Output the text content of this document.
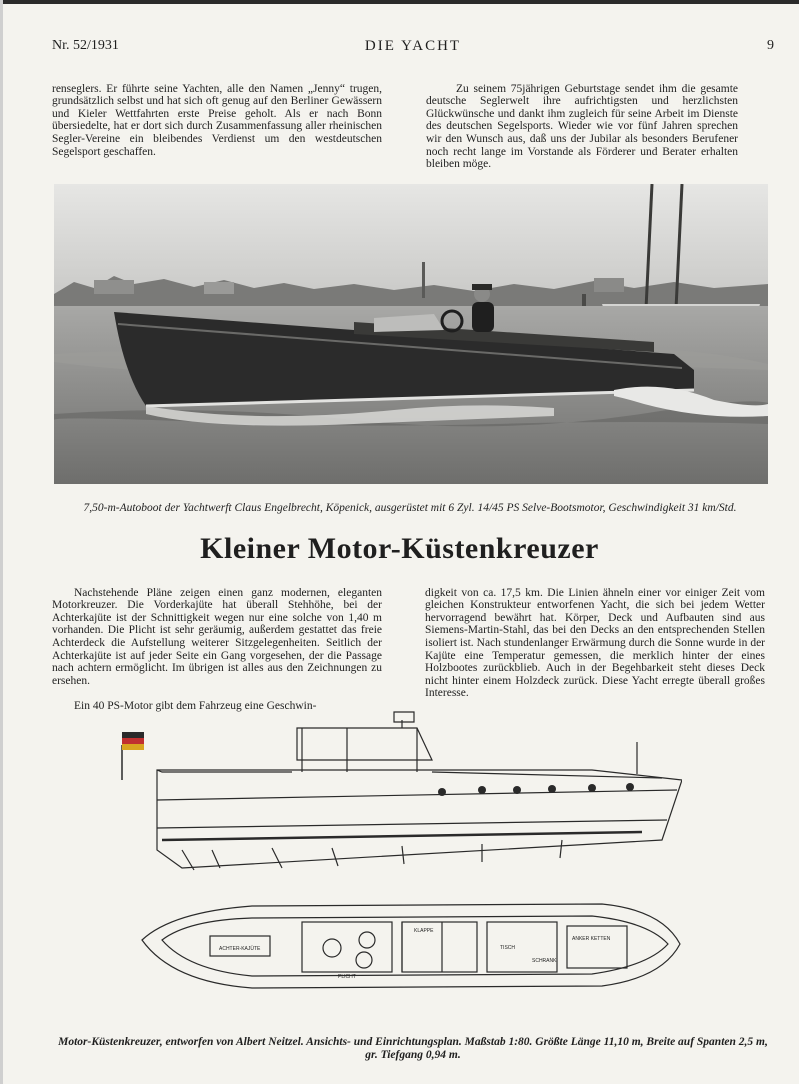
Nr. 52/1931	DIE YACHT	9

renseglers. Er führte seine Yachten, alle den Namen „Jenny“ trugen, grundsätzlich selbst und hat sich oft genug auf den Berliner Gewässern und Kieler Wettfahrten erste Preise geholt. Als er nach Bonn übersiedelte, hat er dort sich durch Zusammenfassung aller rheinischen Segler-Vereine ein bleibendes Verdienst um den westdeutschen Segelsport geschaffen.

Zu seinem 75jährigen Geburtstage sendet ihm die gesamte deutsche Seglerwelt ihre aufrichtigsten und herzlichsten Glückwünsche und dankt ihm zugleich für seine Arbeit im Dienste des deutschen Segelsports. Wieder wie vor fünf Jahren sprechen wir den Wunsch aus, daß uns der Jubilar als besonders Berufener noch recht lange im Vorstande als Förderer und Berater erhalten bleiben möge.

7,50-m-Autoboot der Yachtwerft Claus Engelbrecht, Köpenick, ausgerüstet mit 6 Zyl. 14/45 PS Selve-Bootsmotor, Geschwindigkeit 31 km/Std.
Kleiner Motor-Küstenkreuzer

Nachstehende Pläne zeigen einen ganz modernen, eleganten Motorkreuzer. Die Vorderkajüte hat überall Stehhöhe, bei der Achterkajüte ist der Schnittigkeit wegen nur eine solche von 1,40 m vorhanden. Die Plicht ist sehr geräumig, außerdem gestattet das freie Achterdeck die Aufstellung weiterer Sitzgelegenheiten. Seitlich der Achterkajüte ist auf jeder Seite ein Gang vorgesehen, der die Passage nach achtern ermöglicht. Im übrigen ist alles aus den Zeichnungen zu ersehen.

Ein 40 PS-Motor gibt dem Fahrzeug eine Geschwin-

digkeit von ca. 17,5 km. Die Linien ähneln einer vor einiger Zeit vom gleichen Konstrukteur entworfenen Yacht, die sich bei jedem Wetter hervorragend bewährt hat. Körper, Deck und Aufbauten sind aus Siemens-Martin-Stahl, das bei den Decks an den entsprechenden Stellen isoliert ist. Nach stundenlanger Erwärmung durch die Sonne wurde in der Kajüte eine Temperatur gemessen, die merklich hinter der eines Holzbootes zurückblieb. Auch in der Begehbarkeit steht dieses Deck nicht hinter einem Holzdeck zurück. Diese Yacht erregte überall großes Interesse.

ACHTER-KAJÜTE
PLICHT
TISCH
ANKER KETTEN
SCHRANK
KLAPPE
Motor-Küstenkreuzer, entworfen von Albert Neitzel. Ansichts- und Einrichtungsplan. Maßstab 1:80. Größte Länge 11,10 m, Breite auf Spanten 2,5 m, gr. Tiefgang 0,94 m.
